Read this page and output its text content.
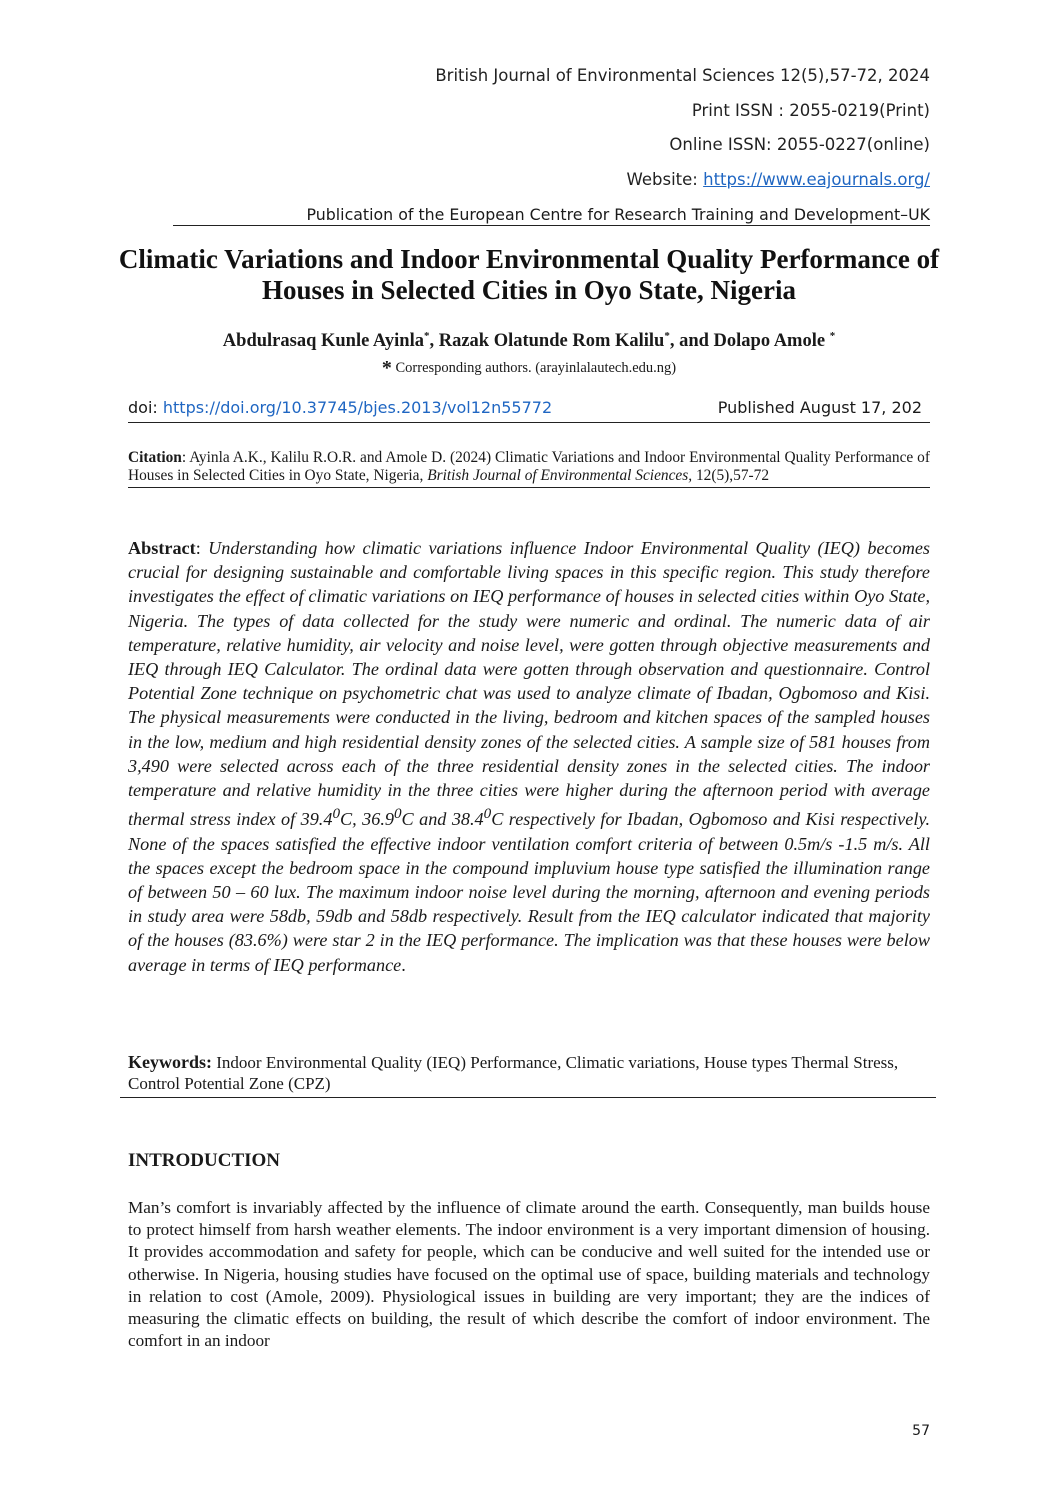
British Journal of Environmental Sciences 12(5),57-72, 2024
Print ISSN : 2055-0219(Print)
Online ISSN: 2055-0227(online)
Website: https://www.eajournals.org/
Publication of the European Centre for Research Training and Development–UK
Climatic Variations and Indoor Environmental Quality Performance of Houses in Selected Cities in Oyo State, Nigeria
Abdulrasaq Kunle Ayinla*, Razak Olatunde Rom Kalilu*, and Dolapo Amole *
* Corresponding authors. (arayinlalautech.edu.ng)
doi: https://doi.org/10.37745/bjes.2013/vol12n55772	Published August 17, 202
Citation: Ayinla A.K., Kalilu R.O.R. and Amole D. (2024) Climatic Variations and Indoor Environmental Quality Performance of Houses in Selected Cities in Oyo State, Nigeria, British Journal of Environmental Sciences, 12(5),57-72
Abstract: Understanding how climatic variations influence Indoor Environmental Quality (IEQ) becomes crucial for designing sustainable and comfortable living spaces in this specific region. This study therefore investigates the effect of climatic variations on IEQ performance of houses in selected cities within Oyo State, Nigeria. The types of data collected for the study were numeric and ordinal. The numeric data of air temperature, relative humidity, air velocity and noise level, were gotten through objective measurements and IEQ through IEQ Calculator. The ordinal data were gotten through observation and questionnaire. Control Potential Zone technique on psychometric chat was used to analyze climate of Ibadan, Ogbomoso and Kisi. The physical measurements were conducted in the living, bedroom and kitchen spaces of the sampled houses in the low, medium and high residential density zones of the selected cities. A sample size of 581 houses from 3,490 were selected across each of the three residential density zones in the selected cities. The indoor temperature and relative humidity in the three cities were higher during the afternoon period with average thermal stress index of 39.4$^0$C, 36.9$^0$C and 38.4$^0$C respectively for Ibadan, Ogbomoso and Kisi respectively. None of the spaces satisfied the effective indoor ventilation comfort criteria of between 0.5m/s -1.5 m/s. All the spaces except the bedroom space in the compound impluvium house type satisfied the illumination range of between 50 – 60 lux. The maximum indoor noise level during the morning, afternoon and evening periods in study area were 58db, 59db and 58db respectively. Result from the IEQ calculator indicated that majority of the houses (83.6%) were star 2 in the IEQ performance. The implication was that these houses were below average in terms of IEQ performance.
Keywords: Indoor Environmental Quality (IEQ) Performance, Climatic variations, House types Thermal Stress, Control Potential Zone (CPZ)
INTRODUCTION
Man’s comfort is invariably affected by the influence of climate around the earth. Consequently, man builds house to protect himself from harsh weather elements. The indoor environment is a very important dimension of housing. It provides accommodation and safety for people, which can be conducive and well suited for the intended use or otherwise. In Nigeria, housing studies have focused on the optimal use of space, building materials and technology in relation to cost (Amole, 2009). Physiological issues in building are very important; they are the indices of measuring the climatic effects on building, the result of which describe the comfort of indoor environment. The comfort in an indoor
57
